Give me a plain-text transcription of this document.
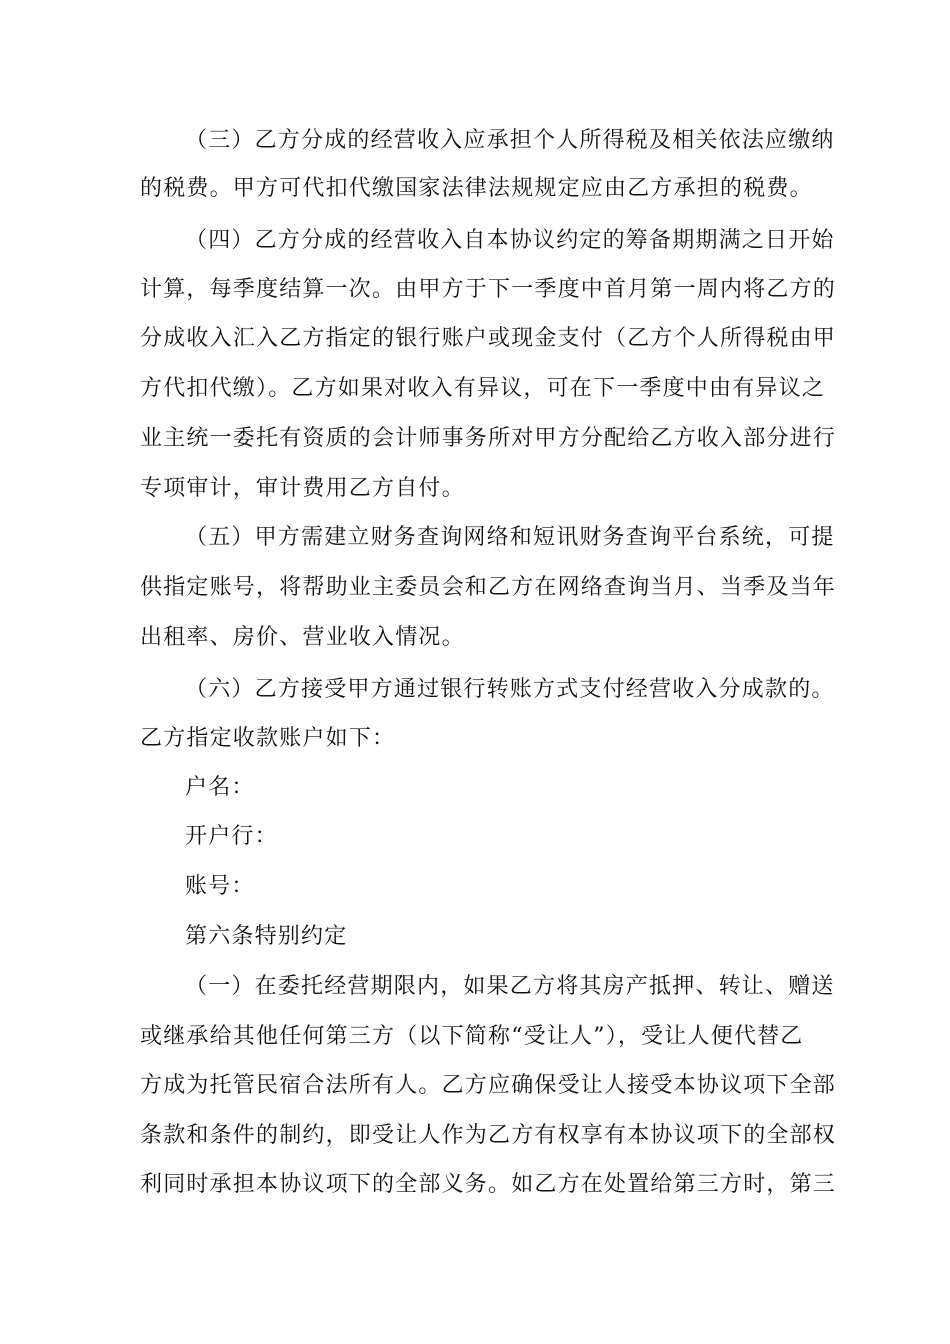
（三）乙方分成的经营收入应承担个人所得税及相关依法应缴纳
的税费。甲方可代扣代缴国家法律法规规定应由乙方承担的税费。
（四）乙方分成的经营收入自本协议约定的筹备期期满之日开始
计算，每季度结算一次。由甲方于下一季度中首月第一周内将乙方的
分成收入汇入乙方指定的银行账户或现金支付（乙方个人所得税由甲
方代扣代缴）。乙方如果对收入有异议，可在下一季度中由有异议之
业主统一委托有资质的会计师事务所对甲方分配给乙方收入部分进行
专项审计，审计费用乙方自付。
（五）甲方需建立财务查询网络和短讯财务查询平台系统，可提
供指定账号，将帮助业主委员会和乙方在网络查询当月、当季及当年
出租率、房价、营业收入情况。
（六）乙方接受甲方通过银行转账方式支付经营收入分成款的。
乙方指定收款账户如下：
户名：
开户行：
账号：
第六条特别约定
（一）在委托经营期限内，如果乙方将其房产抵押、转让、赠送
或继承给其他任何第三方（以下简称“受让人”），受让人便代替乙
方成为托管民宿合法所有人。乙方应确保受让人接受本协议项下全部
条款和条件的制约，即受让人作为乙方有权享有本协议项下的全部权
利同时承担本协议项下的全部义务。如乙方在处置给第三方时，第三
